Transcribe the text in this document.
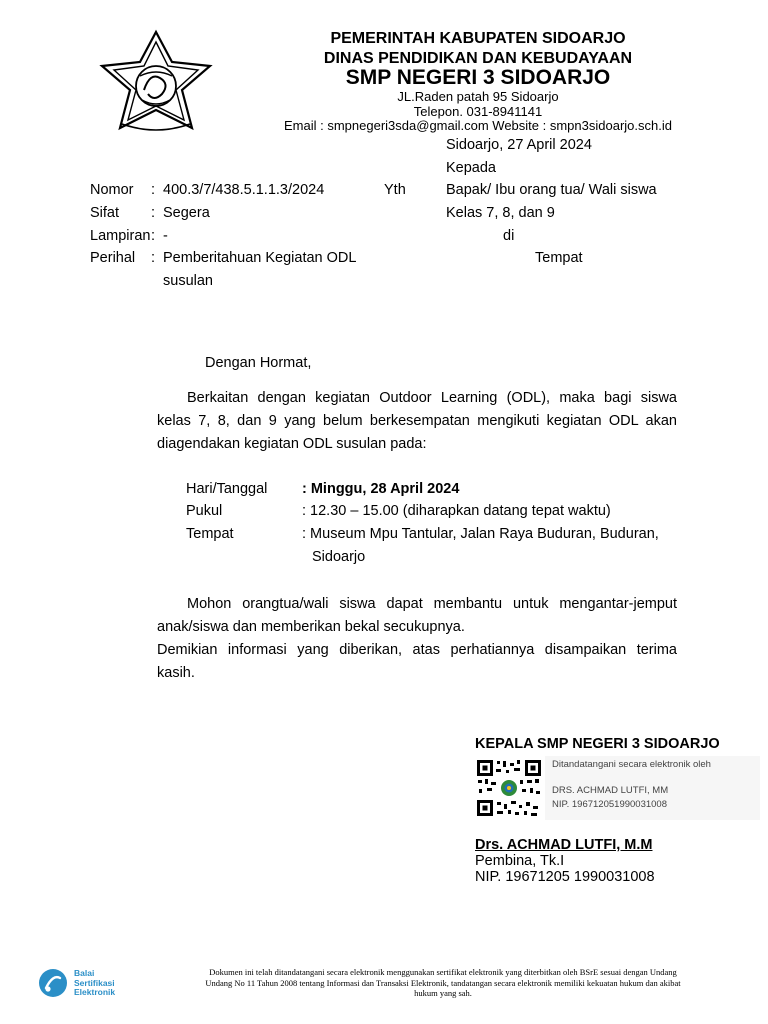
PEMERINTAH KABUPATEN SIDOARJO
DINAS PENDIDIKAN DAN KEBUDAYAAN
SMP NEGERI 3 SIDOARJO
JL.Raden patah 95 Sidoarjo
Telepon. 031-8941141
Email : smpnegeri3sda@gmail.com Website : smpn3sidoarjo.sch.id
Sidoarjo, 27 April 2024
Kepada
Nomor : 400.3/7/438.5.1.1.3/2024	Yth	Bapak/ Ibu orang tua/ Wali siswa
Sifat : Segera	Kelas 7, 8, dan 9
Lampiran : -	di
Perihal : Pemberitahuan Kegiatan ODL
susulan
Tempat
Dengan Hormat,
Berkaitan dengan kegiatan Outdoor Learning (ODL), maka bagi siswa
kelas 7, 8, dan 9 yang belum berkesempatan mengikuti kegiatan ODL akan
diagendakan kegiatan ODL susulan pada:
Hari/Tanggal : Minggu, 28 April 2024
Pukul	: 12.30 – 15.00 (diharapkan datang tepat waktu)
Tempat	: Museum Mpu Tantular, Jalan Raya Buduran, Buduran,
Sidoarjo
Mohon orangtua/wali siswa dapat membantu untuk mengantar-jemput
anak/siswa dan memberikan bekal secukupnya.
Demikian informasi yang diberikan, atas perhatiannya disampaikan terima
kasih.
KEPALA SMP NEGERI 3 SIDOARJO
Ditandatangani secara elektronik oleh
DRS. ACHMAD LUTFI, MM
NIP. 196712051990031008
Drs. ACHMAD LUTFI, M.M
Pembina, Tk.I
NIP. 19671205 1990031008
Balai
Sertifikasi
Elektronik
Dokumen ini telah ditandatangani secara elektronik menggunakan sertifikat elektronik yang diterbitkan oleh BSrE sesuai dengan Undang
Undang No 11 Tahun 2008 tentang Informasi dan Transaksi Elektronik, tandatangan secara elektronik memiliki kekuatan hukum dan akibat
hukum yang sah.
